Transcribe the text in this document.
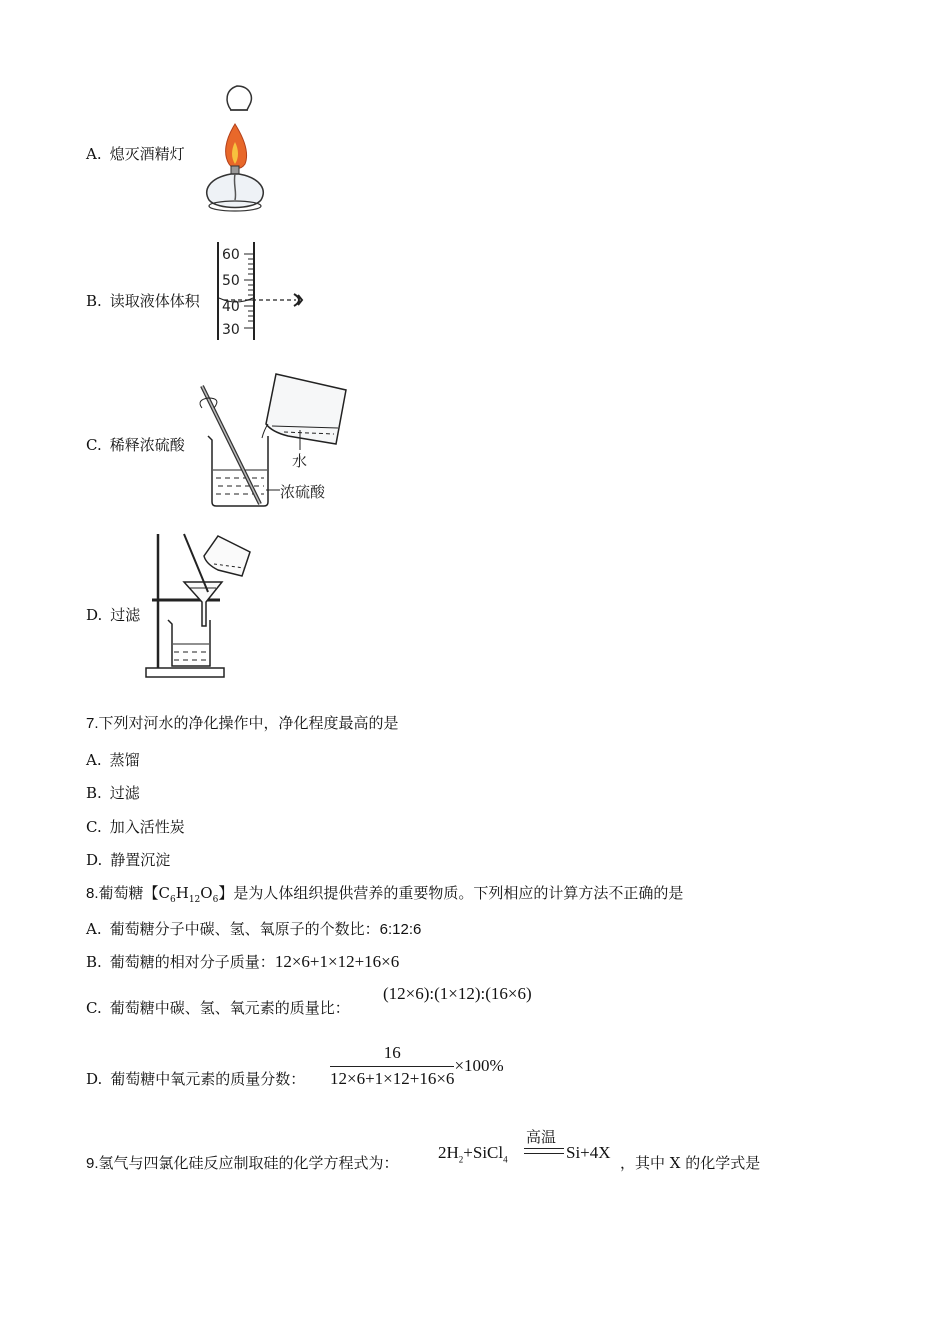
A. 熄灭酒精灯
B. 读取液体体积
60
50
40
30
C. 稀释浓硫酸
水
浓硫酸
D. 过滤
7.下列对河水的净化操作中，净化程度最高的是
A. 蒸馏
B. 过滤
C. 加入活性炭
D. 静置沉淀
8.葡萄糖【$C_6H_{12}O_6$】是为人体组织提供营养的重要物质。下列相应的计算方法不正确的是
A. 葡萄糖分子中碳、氢、氧原子的个数比：6:12:6
B. 葡萄糖的相对分子质量：12×6+1×12+16×6
C. 葡萄糖中碳、氢、氧元素的质量比：
(12×6):(1×12):(16×6)
D. 葡萄糖中氧元素的质量分数： $\frac{16}{12\times 6+1\times 12+16\times 6} \times 100\%$
9.氢气与四氯化硅反应制取硅的化学方程式为：
$2H_2+SiCl_4$
高温
Si+4X
，其中 X 的化学式是
